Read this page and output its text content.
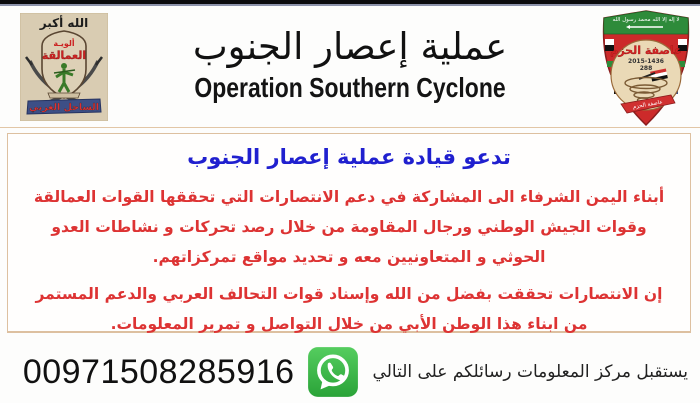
الله أكبر
ألويـة
العمالقة
الساحل الغربي
عملية إعصار الجنوب
Operation Southern Cyclone
لا إله إلا الله محمد رسول الله
عاصفة الحزم
2015-1436
288
عاصفة الحزم
تدعو قيادة عملية إعصار الجنوب
أبناء اليمن الشرفاء الى المشاركة في دعم الانتصارات التي تحققها القوات العمالقة وقوات الجيش الوطني ورجال المقاومة من خلال رصد تحركات و نشاطات العدو الحوثي و المتعاونيين معه و تحديد مواقع تمركزاتهم.
إن الانتصارات تحققت بفضل من الله وإسناد قوات التحالف العربي والدعم المستمر من ابناء هذا الوطن الأبي من خلال التواصل و تمرير المعلومات.
00971508285916	يستقبل مركز المعلومات رسائلكم على التالي
